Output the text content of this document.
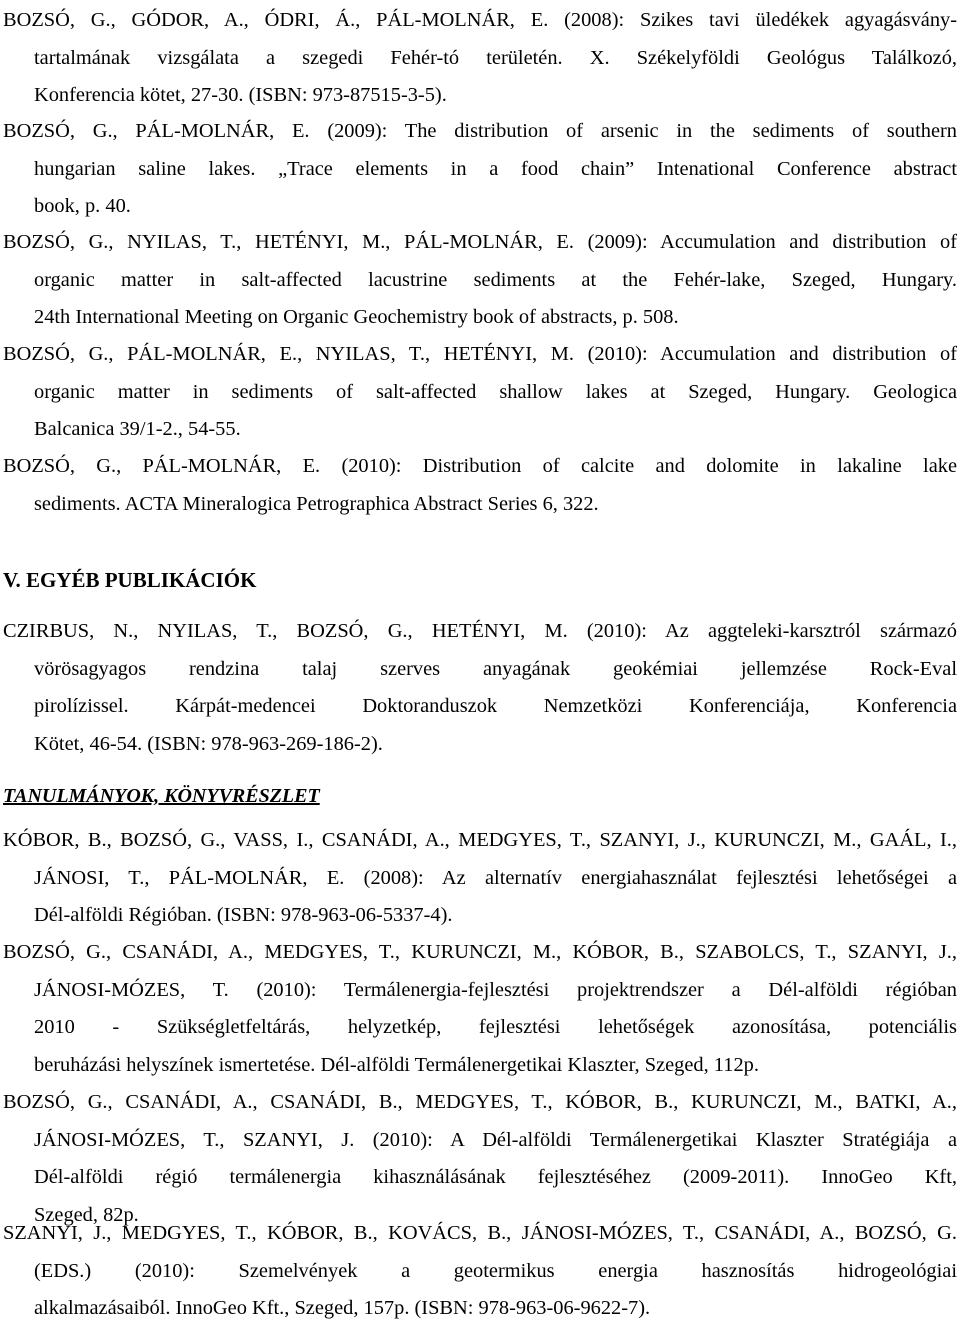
BOZSÓ, G., GÓDOR, A., ÓDRI, Á., PÁL-MOLNÁR, E. (2008): Szikes tavi üledékek agyagásvány-
tartalmának vizsgálata a szegedi Fehér-tó területén. X. Székelyföldi Geológus Találkozó,
Konferencia kötet, 27-30. (ISBN: 973-87515-3-5).
BOZSÓ, G., PÁL-MOLNÁR, E. (2009): The distribution of arsenic in the sediments of southern
hungarian saline lakes. „Trace elements in a food chain” Intenational Conference abstract
book, p. 40.
BOZSÓ, G., NYILAS, T., HETÉNYI, M., PÁL-MOLNÁR, E. (2009): Accumulation and distribution of
organic matter in salt-affected lacustrine sediments at the Fehér-lake, Szeged, Hungary.
24th International Meeting on Organic Geochemistry book of abstracts, p. 508.
BOZSÓ, G., PÁL-MOLNÁR, E., NYILAS, T., HETÉNYI, M. (2010): Accumulation and distribution of
organic matter in sediments of salt-affected shallow lakes at Szeged, Hungary. Geologica
Balcanica 39/1-2., 54-55.
BOZSÓ, G., PÁL-MOLNÁR, E. (2010): Distribution of calcite and dolomite in lakaline lake
sediments. ACTA Mineralogica Petrographica Abstract Series 6, 322.
V. EGYÉB PUBLIKÁCIÓK
CZIRBUS, N., NYILAS, T., BOZSÓ, G., HETÉNYI, M. (2010): Az aggteleki-karsztról származó
vörösagyagos rendzina talaj szerves anyagának geokémiai jellemzése Rock-Eval
pirolízissel. Kárpát-medencei Doktoranduszok Nemzetközi Konferenciája, Konferencia
Kötet, 46-54. (ISBN: 978-963-269-186-2).
TANULMÁNYOK, KÖNYVRÉSZLET
KÓBOR, B., BOZSÓ, G., VASS, I., CSANÁDI, A., MEDGYES, T., SZANYI, J., KURUNCZI, M., GAÁL, I.,
JÁNOSI, T., PÁL-MOLNÁR, E. (2008): Az alternatív energiahasználat fejlesztési lehetőségei a
Dél-alföldi Régióban. (ISBN: 978-963-06-5337-4).
BOZSÓ, G., CSANÁDI, A., MEDGYES, T., KURUNCZI, M., KÓBOR, B., SZABOLCS, T., SZANYI, J.,
JÁNOSI-MÓZES, T. (2010): Termálenergia-fejlesztési projektrendszer a Dél-alföldi régióban
2010 - Szükségletfeltárás, helyzetkép, fejlesztési lehetőségek azonosítása, potenciális
beruházási helyszínek ismertetése. Dél-alföldi Termálenergetikai Klaszter, Szeged, 112p.
BOZSÓ, G., CSANÁDI, A., CSANÁDI, B., MEDGYES, T., KÓBOR, B., KURUNCZI, M., BATKI, A.,
JÁNOSI-MÓZES, T., SZANYI, J. (2010): A Dél-alföldi Termálenergetikai Klaszter Stratégiája a
Dél-alföldi régió termálenergia kihasználásának fejlesztéséhez (2009-2011). InnoGeo Kft,
Szeged, 82p.
SZANYI, J., MEDGYES, T., KÓBOR, B., KOVÁCS, B., JÁNOSI-MÓZES, T., CSANÁDI, A., BOZSÓ, G.
(EDS.) (2010): Szemelvények a geotermikus energia hasznosítás hidrogeológiai
alkalmazásaiból. InnoGeo Kft., Szeged, 157p. (ISBN: 978-963-06-9622-7).
